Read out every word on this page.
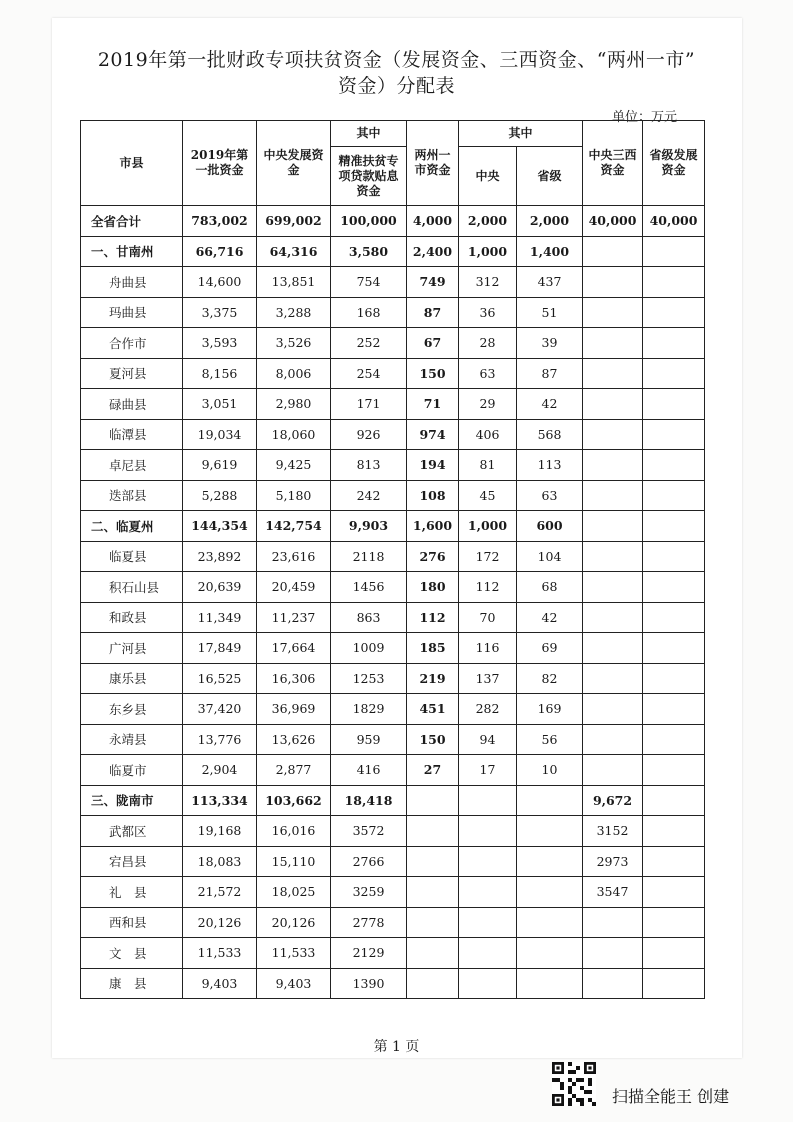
2019年第一批财政专项扶贫资金（发展资金、三西资金、“两州一市”
资金）分配表
单位：万元
市县	2019年第一批资金	中央发展资金	其中	两州一市资金	其中		中央三西资金	省级发展资金
			精准扶贫专项贷款贴息资金		中央	省级		
全省合计	783,002	699,002	100,000	4,000	2,000	2,000	40,000	40,000
一、甘南州	66,716	64,316	3,580	2,400	1,000	1,400		
舟曲县	14,600	13,851	754	749	312	437		
玛曲县	3,375	3,288	168	87	36	51		
合作市	3,593	3,526	252	67	28	39		
夏河县	8,156	8,006	254	150	63	87		
碌曲县	3,051	2,980	171	71	29	42		
临潭县	19,034	18,060	926	974	406	568		
卓尼县	9,619	9,425	813	194	81	113		
迭部县	5,288	5,180	242	108	45	63		
二、临夏州	144,354	142,754	9,903	1,600	1,000	600		
临夏县	23,892	23,616	2118	276	172	104		
积石山县	20,639	20,459	1456	180	112	68		
和政县	11,349	11,237	863	112	70	42		
广河县	17,849	17,664	1009	185	116	69		
康乐县	16,525	16,306	1253	219	137	82		
东乡县	37,420	36,969	1829	451	282	169		
永靖县	13,776	13,626	959	150	94	56		
临夏市	2,904	2,877	416	27	17	10		
三、陇南市	113,334	103,662	18,418				9,672	
武都区	19,168	16,016	3572				3152	
宕昌县	18,083	15,110	2766				2973	
礼　县	21,572	18,025	3259				3547	
西和县	20,126	20,126	2778					
文　县	11,533	11,533	2129					
康　县	9,403	9,403	1390					
第 1 页
扫描全能王 创建
